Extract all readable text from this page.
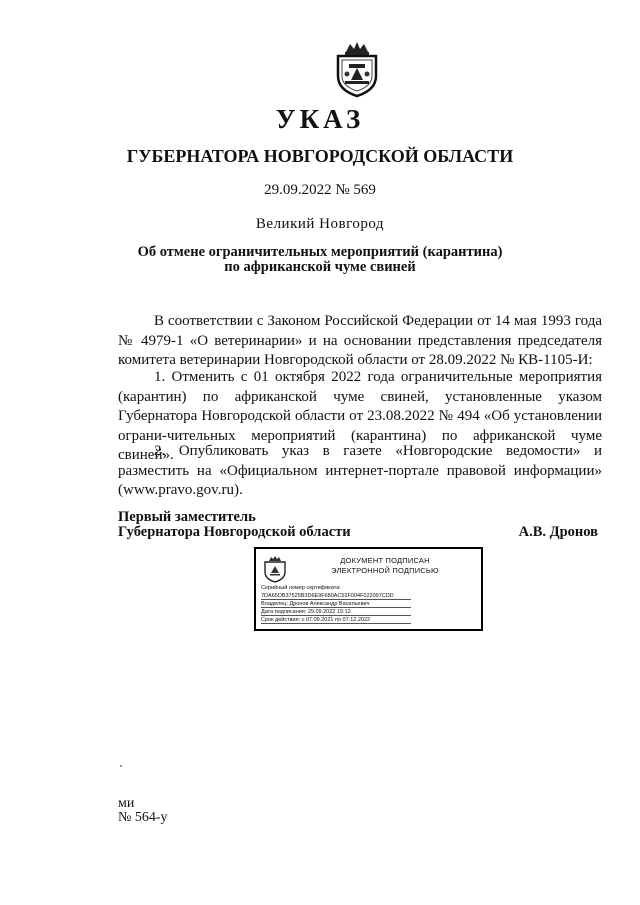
УКАЗ
ГУБЕРНАТОРА НОВГОРОДСКОЙ ОБЛАСТИ
29.09.2022 № 569
Великий Новгород
Об отмене ограничительных мероприятий (карантина)
по африканской чуме свиней

В соответствии с Законом Российской Федерации от 14 мая 1993 года № 4979-1 «О ветеринарии» и на основании представления председателя комитета ветеринарии Новгородской области от 28.09.2022 № КВ-1105-И:

1. Отменить с 01 октября 2022 года ограничительные мероприятия (карантин) по африканской чуме свиней, установленные указом Губернатора Новгородской области от 23.08.2022 № 494 «Об установлении ограни-чительных мероприятий (карантина) по африканской чуме свиней».

2. Опубликовать указ в газете «Новгородские ведомости» и разместить на «Официальном интернет-портале правовой информации» (www.pravo.gov.ru).

Первый заместитель
Губернатора Новгородской области	А.В. Дронов
ДОКУМЕНТ ПОДПИСАН
ЭЛЕКТРОННОЙ ПОДПИСЬЮ
Серийный номер сертификата:
7DA65DB37525B3D6E9F680AC52F004F022097CDD
Владелец: Дронов Александр Васильевич
Дата подписания: 29.09.2022 15:12
Срок действия: с 07.09.2021 по 07.12.2022
ми
№ 564-у
